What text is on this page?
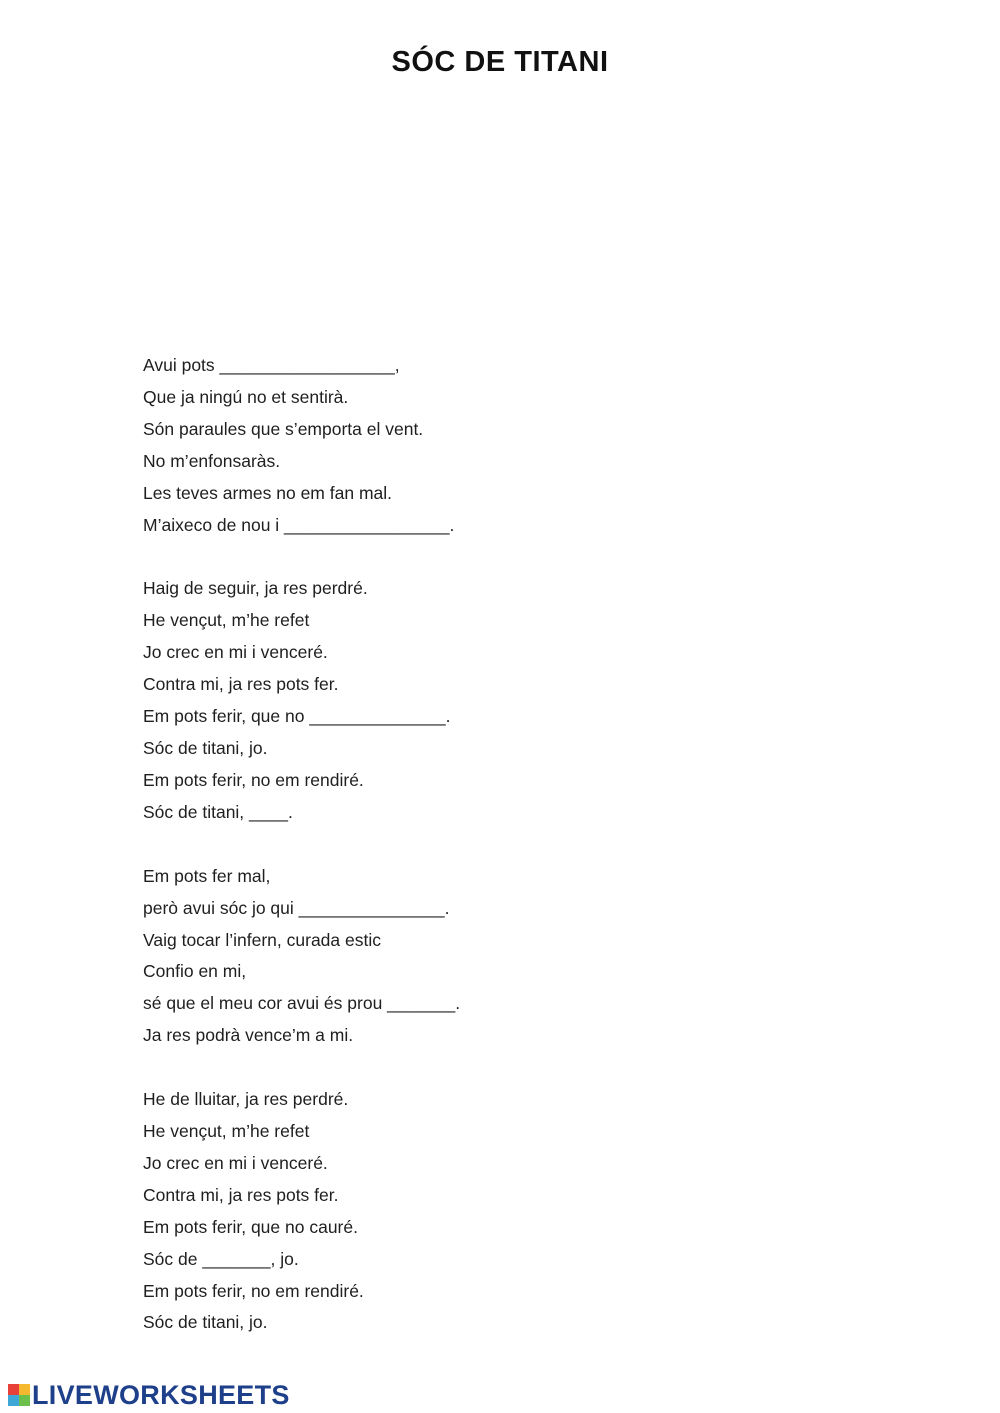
SÓC DE TITANI
Avui pots __________________,
Que ja ningú no et sentirà.
Són paraules que s’emporta el vent.
No m’enfonsaràs.
Les teves armes no em fan mal.
M’aixeco de nou i _________________.
Haig de seguir, ja res perdré.
He vençut, m’he refet
Jo crec en mi i venceré.
Contra mi, ja res pots fer.
Em pots ferir, que no ______________.
Sóc de titani, jo.
Em pots ferir, no em rendiré.
Sóc de titani, ____.
Em pots fer mal,
però avui sóc jo qui _______________.
Vaig tocar l’infern, curada estic
Confio en mi,
sé que el meu cor avui és prou _______.
Ja res podrà vence’m a mi.
He de lluitar, ja res perdré.
He vençut, m’he refet
Jo crec en mi i venceré.
Contra mi, ja res pots fer.
Em pots ferir, que no cauré.
Sóc de _______, jo.
Em pots ferir, no em rendiré.
Sóc de titani, jo.
LIVEWORKSHEETS
